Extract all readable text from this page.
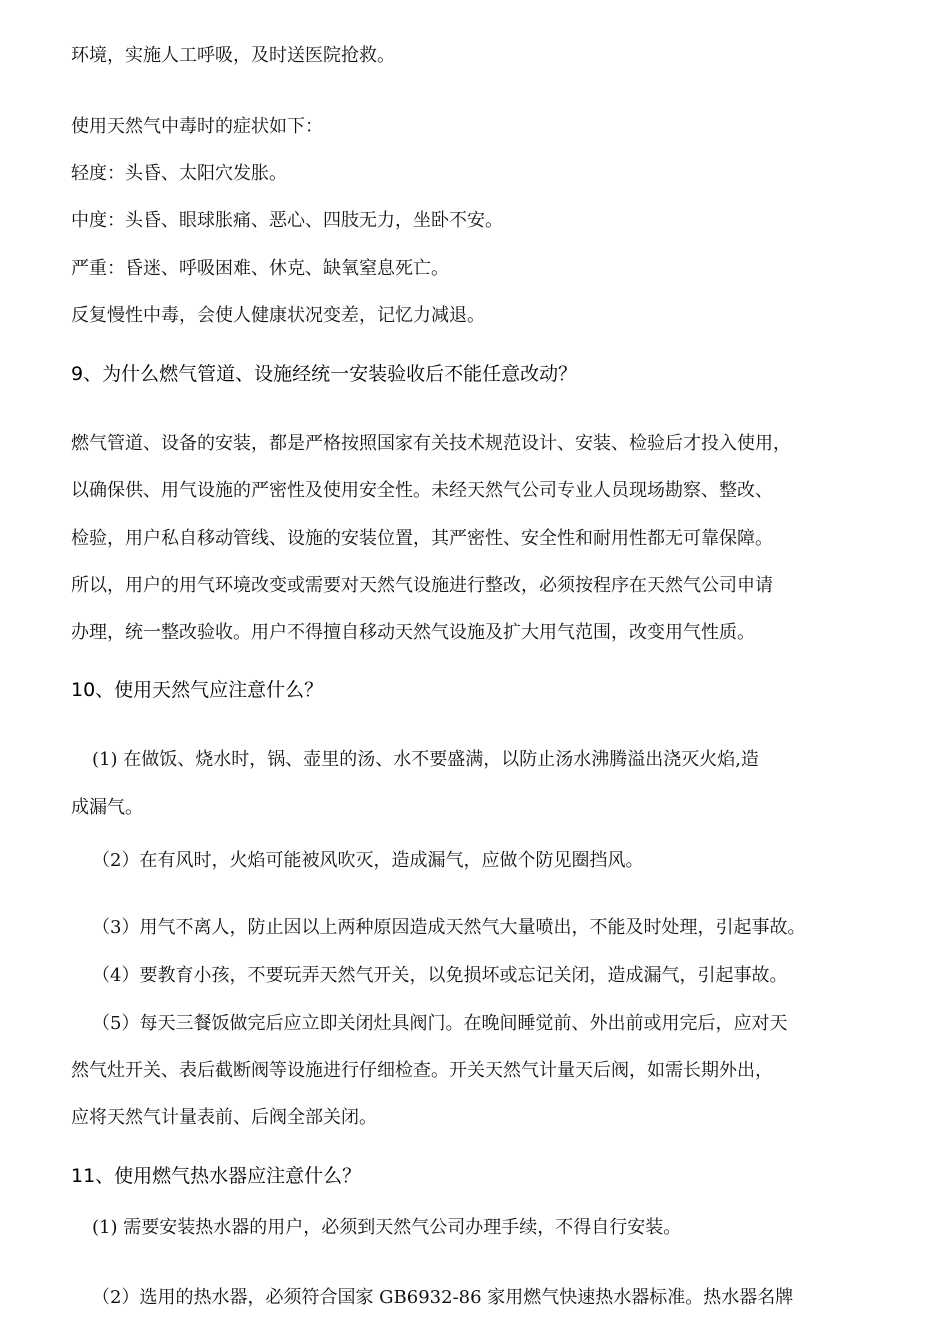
环境，实施人工呼吸，及时送医院抢救。
使用天然气中毒时的症状如下：
轻度：头昏、太阳穴发胀。
中度：头昏、眼球胀痛、恶心、四肢无力，坐卧不安。
严重：昏迷、呼吸困难、休克、缺氧窒息死亡。
反复慢性中毒，会使人健康状况变差，记忆力减退。
9、为什么燃气管道、设施经统一安装验收后不能任意改动？
燃气管道、设备的安装，都是严格按照国家有关技术规范设计、安装、检验后才投入使用，
以确保供、用气设施的严密性及使用安全性。未经天然气公司专业人员现场勘察、整改、
检验，用户私自移动管线、设施的安装位置，其严密性、安全性和耐用性都无可靠保障。
所以，用户的用气环境改变或需要对天然气设施进行整改，必须按程序在天然气公司申请
办理，统一整改验收。用户不得擅自移动天然气设施及扩大用气范围，改变用气性质。
10、使用天然气应注意什么？
(1) 在做饭、烧水时，锅、壶里的汤、水不要盛满，以防止汤水沸腾溢出浇灭火焰,造
成漏气。
（2）在有风时，火焰可能被风吹灭，造成漏气，应做个防见圈挡风。
（3）用气不离人，防止因以上两种原因造成天然气大量喷出，不能及时处理，引起事故。
（4）要教育小孩，不要玩弄天然气开关，以免损坏或忘记关闭，造成漏气，引起事故。
（5）每天三餐饭做完后应立即关闭灶具阀门。在晚间睡觉前、外出前或用完后，应对天
然气灶开关、表后截断阀等设施进行仔细检查。开关天然气计量天后阀，如需长期外出，
应将天然气计量表前、后阀全部关闭。
11、使用燃气热水器应注意什么？
(1) 需要安装热水器的用户，必须到天然气公司办理手续，不得自行安装。
（2）选用的热水器，必须符合国家 GB6932-86 家用燃气快速热水器标准。热水器名牌
